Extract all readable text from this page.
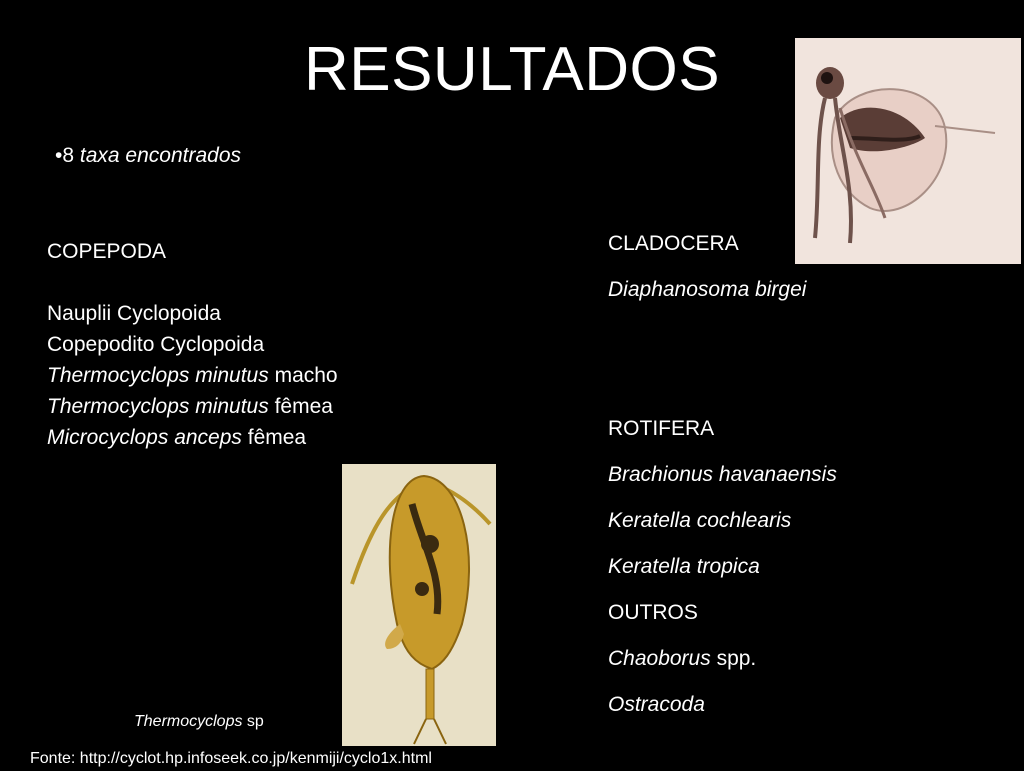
RESULTADOS
•8 taxa encontrados
COPEPODA
Nauplii Cyclopoida
Copepodito Cyclopoida
Thermocyclops minutus macho
Thermocyclops minutus fêmea
Microcyclops anceps fêmea
CLADOCERA
Diaphanosoma birgei
ROTIFERA
Brachionus havanaensis
Keratella cochlearis
Keratella tropica
OUTROS
Chaoborus spp.
Ostracoda
Thermocyclops sp
Fonte: http://cyclot.hp.infoseek.co.jp/kenmiji/cyclo1x.html
